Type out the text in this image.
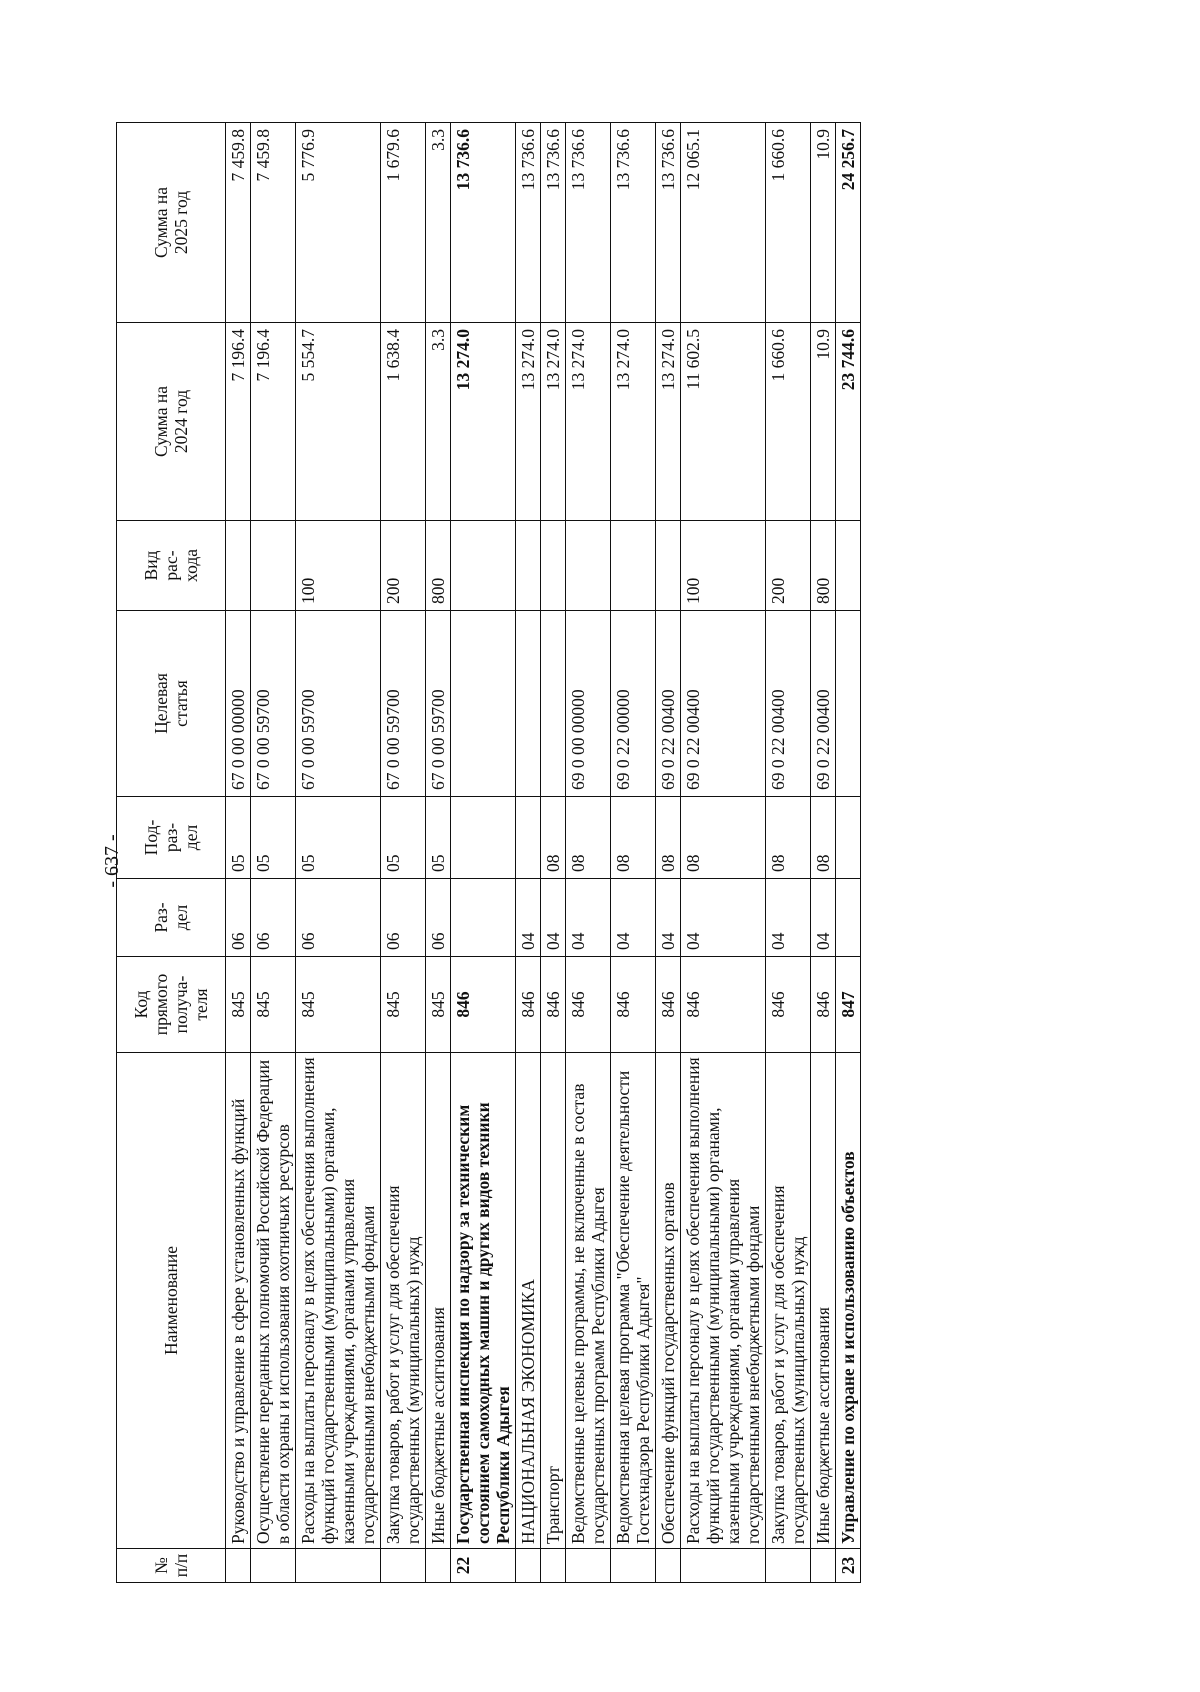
- 637 -
№ п/п	Наименование	Код прямого получа- теля	Раз- дел	Под- раз- дел	Целевая статья	Вид рас- хода	Сумма на 2024 год	Сумма на 2025 год

	Руководство и управление в сфере установленных функций	845	06	05	67 0 00 00000		7 196.4	7 459.8
	Осуществление переданных полномочий Российской Федерации в области охраны и использования охотничьих ресурсов	845	06	05	67 0 00 59700		7 196.4	7 459.8
	Расходы на выплаты персоналу в целях обеспечения выполнения функций государственными (муниципальными) органами, казенными учреждениями, органами управления государственными внебюджетными фондами	845	06	05	67 0 00 59700	100	5 554.7	5 776.9
	Закупка товаров, работ и услуг для обеспечения государственных (муниципальных) нужд	845	06	05	67 0 00 59700	200	1 638.4	1 679.6
	Иные бюджетные ассигнования	845	06	05	67 0 00 59700	800	3.3	3.3
22	Государственная инспекция по надзору за техническим состоянием самоходных машин и других видов техники Республики Адыгея	846					13 274.0	13 736.6
	НАЦИОНАЛЬНАЯ ЭКОНОМИКА	846	04				13 274.0	13 736.6
	Транспорт	846	04	08			13 274.0	13 736.6
	Ведомственные целевые программы, не включенные в состав государственных программ Республики Адыгея	846	04	08	69 0 00 00000		13 274.0	13 736.6
	Ведомственная целевая программа "Обеспечение деятельности Гостехнадзора Республики Адыгея"	846	04	08	69 0 22 00000		13 274.0	13 736.6
	Обеспечение функций государственных органов	846	04	08	69 0 22 00400		13 274.0	13 736.6
	Расходы на выплаты персоналу в целях обеспечения выполнения функций государственными (муниципальными) органами, казенными учреждениями, органами управления государственными внебюджетными фондами	846	04	08	69 0 22 00400	100	11 602.5	12 065.1
	Закупка товаров, работ и услуг для обеспечения государственных (муниципальных) нужд	846	04	08	69 0 22 00400	200	1 660.6	1 660.6
	Иные бюджетные ассигнования	846	04	08	69 0 22 00400	800	10.9	10.9
23	Управление по охране и использованию объектов	847					23 744.6	24 256.7
